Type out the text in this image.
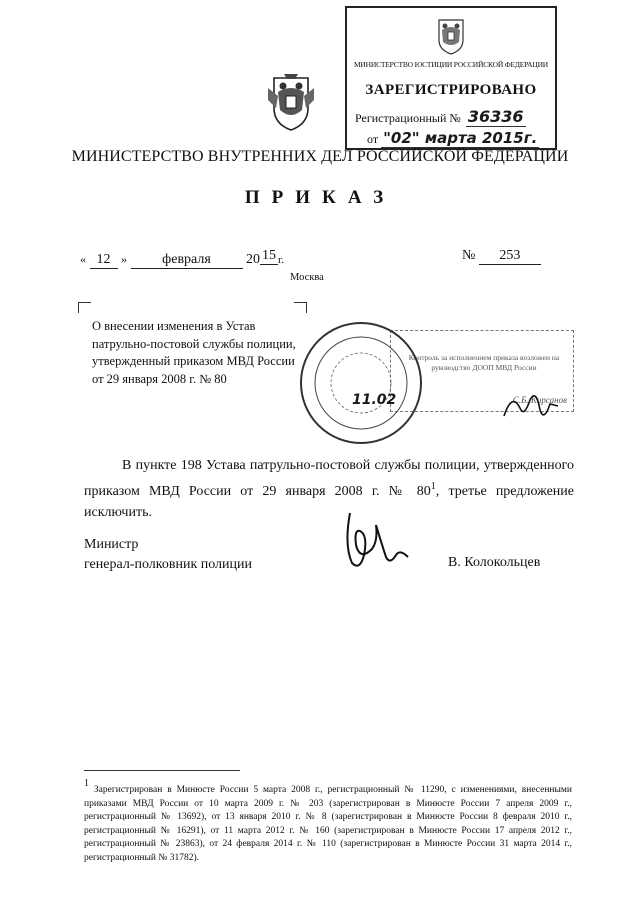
МИНИСТЕРСТВО ЮСТИЦИИ РОССИЙСКОЙ ФЕДЕРАЦИИ
ЗАРЕГИСТРИРОВАНО
Регистрационный № 36336
от "02" марта 2015г.
МИНИСТЕРСТВО ВНУТРЕННИХ ДЕЛ РОССИЙСКОЙ ФЕДЕРАЦИИ
ПРИКАЗ
« 12 »	февраля	20 15 г.	№ 253
Москва
О внесении изменения в Устав
патрульно-постовой службы полиции,
утвержденный приказом МВД России
от 29 января 2008 г. № 80
Контроль за исполнением приказа возложен на руководство ДООП МВД России
С.Б. Кирсанов
11.02
В пункте 198 Устава патрульно-постовой службы полиции, утвержденного приказом МВД России от 29 января 2008 г. № $80^1$, третье предложение исключить.
Министр
генерал-полковник полиции	В. Колокольцев
$^1$ Зарегистрирован в Минюсте России 5 марта 2008 г., регистрационный № 11290, с изменениями, внесенными приказами МВД России от 10 марта 2009 г. № 203 (зарегистрирован в Минюсте России 7 апреля 2009 г., регистрационный № 13692), от 13 января 2010 г. № 8 (зарегистрирован в Минюсте России 8 февраля 2010 г., регистрационный № 16291), от 11 марта 2012 г. № 160 (зарегистрирован в Минюсте России 17 апреля 2012 г., регистрационный № 23863), от 24 февраля 2014 г. № 110 (зарегистрирован в Минюсте России 31 марта 2014 г., регистрационный № 31782).
